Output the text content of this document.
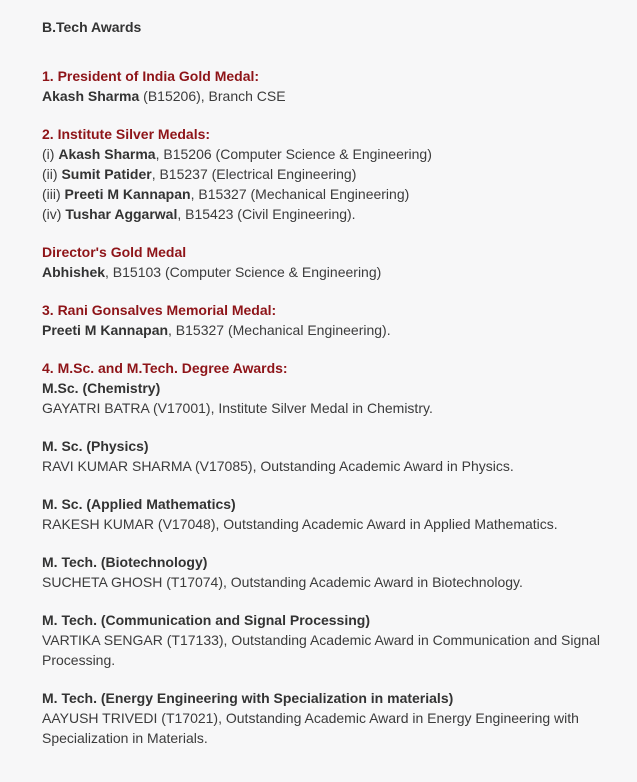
B.Tech Awards
1. President of India Gold Medal:
Akash Sharma (B15206), Branch CSE
2. Institute Silver Medals:
(i) Akash Sharma, B15206 (Computer Science & Engineering)
(ii) Sumit Patider, B15237 (Electrical Engineering)
(iii) Preeti M Kannapan, B15327 (Mechanical Engineering)
(iv) Tushar Aggarwal, B15423 (Civil Engineering).
Director's Gold Medal
Abhishek, B15103 (Computer Science & Engineering)
3. Rani Gonsalves Memorial Medal:
Preeti M Kannapan, B15327 (Mechanical Engineering).
4. M.Sc. and M.Tech. Degree Awards:
M.Sc. (Chemistry)
GAYATRI BATRA (V17001), Institute Silver Medal in Chemistry.
M. Sc. (Physics)
RAVI KUMAR SHARMA (V17085), Outstanding Academic Award in Physics.
M. Sc. (Applied Mathematics)
RAKESH KUMAR (V17048), Outstanding Academic Award in Applied Mathematics.
M. Tech. (Biotechnology)
SUCHETA GHOSH (T17074), Outstanding Academic Award in Biotechnology.
M. Tech. (Communication and Signal Processing)
VARTIKA SENGAR (T17133), Outstanding Academic Award in Communication and Signal Processing.
M. Tech. (Energy Engineering with Specialization in materials)
AAYUSH TRIVEDI (T17021), Outstanding Academic Award in Energy Engineering with Specialization in Materials.
